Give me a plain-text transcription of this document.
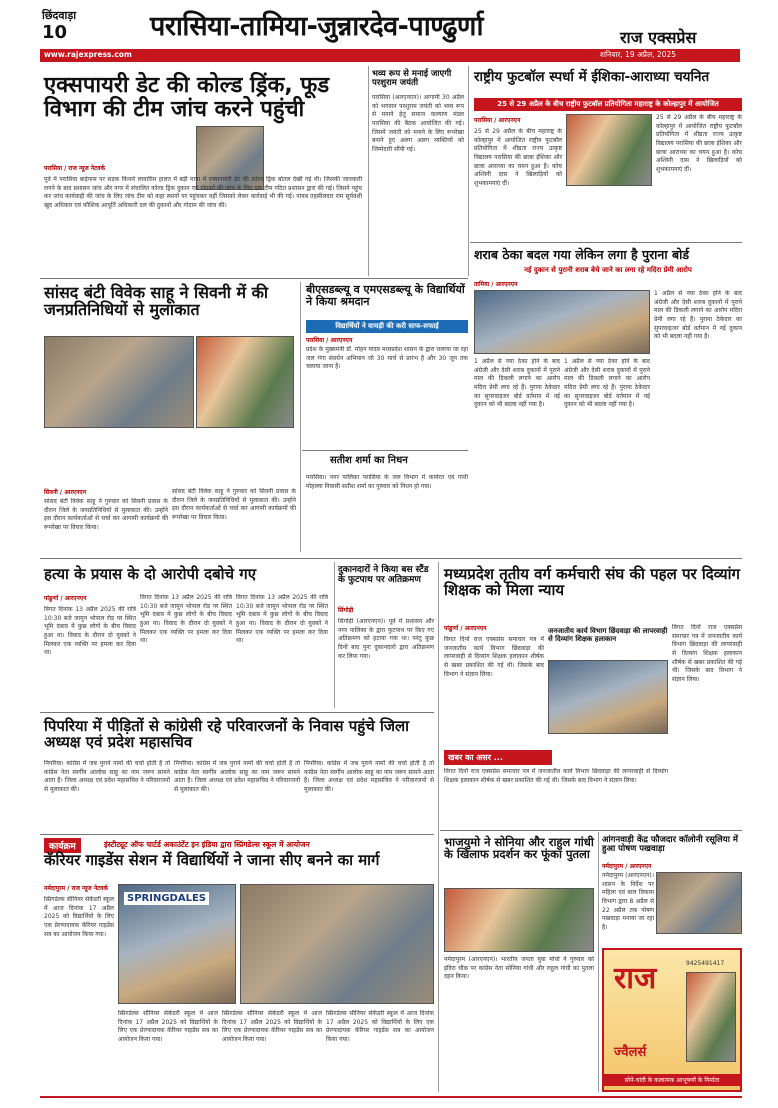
छिंदवाड़ा
10	परासिया-तामिया-जुन्नारदेव-पाण्ढुर्णा	राज एक्सप्रेस
www.rajexpress.com	शनिवार, 19 अप्रैल, 2025
एक्सपायरी डेट की कोल्ड ड्रिंक, फूड विभाग की टीम जांच करने पहुंची
परासिया / राज न्यूज नेटवर्क
पूर्व में परासिया बाईपास पर सड़क किनारे लावारिस हालत में बड़ी मात्रा में एक्सपायरी डेट की कोल्ड ड्रिंक बोतल देखी गई थी। जिसकी जानकारी लगने के बाद प्रशासन जांच और नगर में संचालित कोल्ड ड्रिंक दुकान एवं गोदामों की जांच के लिए एक टीम गठित प्रशासन द्वारा की गई। जिसने पहुंच कर जांच कार्यवाही की जांच के लिए जांच टीम को कहा स्थानों पर पहुंचकर वहीं जिसको लेकर कार्रवाई भी की गई। नायब तहसीलदार राम सूर्यवंशी खुद अधिकार एवं कौशिक आपूर्ति अधिकारी दल की दुकानों और गोदाम की जांच की।
भव्य रूप से मनाई जाएगी परशुराम जयंती
परासिया (आरएनएन)। आगामी 30 अप्रैल को भगवान परशुराम जयंती को भव्य रूप से मनाने हेतु समाज कल्याण मंडल परासिया की बैठक आयोजित की गई। जिसमें जयंती को मनाने के लिए रूपरेखा बनाने हुए अलग अलग व्यक्तियों को जिम्मेदारी सौंपी गई।
राष्ट्रीय फुटबॉल स्पर्धा में ईशिका-आराध्या चयनित
25 से 29 अप्रैल के बीच राष्ट्रीय फुटबॉल प्रतियोगिता महाराष्ट्र के कोल्हापुर में आयोजित
परासिया / आरएनएन
25 से 29 अप्रैल के बीच महाराष्ट्र के कोल्हापुर में आयोजित राष्ट्रीय फुटबॉल प्रतियोगिता में शीघ्रता राज्य उत्कृष्ट विद्यालय परासिया की छात्रा ईशिका और छात्रा आराध्या का चयन हुआ है। कोच अश्विनी दास ने खिलाड़ियों को शुभकामनाएं दीं।
25 से 29 अप्रैल के बीच महाराष्ट्र के कोल्हापुर में आयोजित राष्ट्रीय फुटबॉल प्रतियोगिता में शीघ्रता राज्य उत्कृष्ट विद्यालय परासिया की छात्रा ईशिका और छात्रा आराध्या का चयन हुआ है। कोच अश्विनी दास ने खिलाड़ियों को शुभकामनाएं दीं।
शराब ठेका बदल गया लेकिन लगा है पुराना बोर्ड
नई दुकान से पुरानी शराब बेचे जाने का लगा रहे मदिरा प्रेमी आरोप
तामिया / आरएनएन
1 अप्रैल से नया ठेका होने के बाद अंग्रेजी और देसी शराब दुकानों में पुराने माल की डिकली लगाने का आरोप मदिरा प्रेमी लगा रहे हैं। पुराना ठेकेदार का सुपरवाइजर बोर्ड वर्तमान में नई दुकान को भी बदला नहीं गया है।
1 अप्रैल से नया ठेका होने के बाद अंग्रेजी और देसी शराब दुकानों में पुराने माल की डिकली लगाने का आरोप मदिरा प्रेमी लगा रहे हैं। पुराना ठेकेदार का सुपरवाइजर बोर्ड वर्तमान में नई दुकान को भी बदला नहीं गया है।
1 अप्रैल से नया ठेका होने के बाद अंग्रेजी और देसी शराब दुकानों में पुराने माल की डिकली लगाने का आरोप मदिरा प्रेमी लगा रहे हैं। पुराना ठेकेदार का सुपरवाइजर बोर्ड वर्तमान में नई दुकान को भी बदला नहीं गया है।
सांसद बंटी विवेक साहू ने सिवनी में की जनप्रतिनिधियों से मुलाकात
सिवनी / आरएनएन
सांसद बंटी विवेक साहू ने गुरुवार को सिवनी प्रवास के दौरान जिले के जनप्रतिनिधियों से मुलाकात की। उन्होंने इस दौरान कार्यकर्ताओं से चर्चा कर आगामी कार्यक्रमों की रूपरेखा पर विचार किया।
सांसद बंटी विवेक साहू ने गुरुवार को सिवनी प्रवास के दौरान जिले के जनप्रतिनिधियों से मुलाकात की। उन्होंने इस दौरान कार्यकर्ताओं से चर्चा कर आगामी कार्यक्रमों की रूपरेखा पर विचार किया।
बीएसडब्ल्यू व एमएसडब्ल्यू के विद्यार्थियों ने किया श्रमदान
विद्यार्थियों ने वाचड़ी की करी साफ-सफाई
परासिया / आरएनएन
प्रदेश के मुख्यमंत्री डॉ. मोहन यादव मध्यप्रदेश शासन के द्वारा चलाया जा रहा जल गंगा संवर्धन अभियान जो 30 मार्च से प्रारंभ है और 30 जून तक चलाया जाना है।
सतीश शर्मा का निधन
परासिया। नगर पालिका परासिया के जल विभाग में कार्यरत एवं गांधी मोहल्ला निवासी सतीश शर्मा का गुरुवार को निधन हो गया।
हत्या के प्रयास के दो आरोपी दबोचे गए
पांढुर्णा / आरएनएन
विगत दिनांक 13 अप्रैल 2025 की रात्रि 10:30 बजे जामुन भोपाल रोड पर स्थित भूमि दबाव में कुछ लोगों के बीच विवाद हुआ था। विवाद के दौरान दो युवकों ने मिलकर एक व्यक्ति पर हमला कर दिया था।
विगत दिनांक 13 अप्रैल 2025 की रात्रि 10:30 बजे जामुन भोपाल रोड पर स्थित भूमि दबाव में कुछ लोगों के बीच विवाद हुआ था। विवाद के दौरान दो युवकों ने मिलकर एक व्यक्ति पर हमला कर दिया था।
विगत दिनांक 13 अप्रैल 2025 की रात्रि 10:30 बजे जामुन भोपाल रोड पर स्थित भूमि दबाव में कुछ लोगों के बीच विवाद हुआ था। विवाद के दौरान दो युवकों ने मिलकर एक व्यक्ति पर हमला कर दिया था।
दुकानदारों ने किया बस स्टैंड के फुटपाथ पर अतिक्रमण
सिंगोड़ी
सिंगोड़ी (आरएनएन)। पूर्व में प्रशासन और नगर पालिका के द्वारा फुटपाथ पर किए गए अतिक्रमण को हटाया गया था। परंतु कुछ दिनों बाद पुनः दुकानदारों द्वारा अतिक्रमण कर लिया गया।
मध्यप्रदेश तृतीय वर्ग कर्मचारी संघ की पहल पर दिव्यांग शिक्षक को मिला न्याय
पांढुर्णा / आरएनएन	जनजातीय कार्य विभाग छिंदवाड़ा की लापरवाही से दिव्यांग शिक्षक हलाकान
विगत दिनों राज एक्सप्रेस समाचार पत्र में जनजातीय कार्य विभाग छिंदवाड़ा की लापरवाही से दिव्यांग शिक्षक हलाकान शीर्षक से खबर प्रकाशित की गई थी। जिसके बाद विभाग ने संज्ञान लिया।
विगत दिनों राज एक्सप्रेस समाचार पत्र में जनजातीय कार्य विभाग छिंदवाड़ा की लापरवाही से दिव्यांग शिक्षक हलाकान शीर्षक से खबर प्रकाशित की गई थी। जिसके बाद विभाग ने संज्ञान लिया।
खबर का असर ...
विगत दिनों राज एक्सप्रेस समाचार पत्र में जनजातीय कार्य विभाग छिंदवाड़ा की लापरवाही से दिव्यांग शिक्षक हलाकान शीर्षक से खबर प्रकाशित की गई थी। जिसके बाद विभाग ने संज्ञान लिया।
पिपरिया में पीड़ितों से कांग्रेसी रहे परिवारजनों के निवास पहुंचे जिला अध्यक्ष एवं प्रदेश महासचिव
पिपरिया। कांग्रेस में जब पुराने नामों की चर्चा होती है तो कांग्रेस नेता स्वर्गीय आलोक साहू का नाम जरूर सामने आता है। जिला अध्यक्ष एवं प्रदेश महासचिव ने परिवारजनों से मुलाकात की।
पिपरिया। कांग्रेस में जब पुराने नामों की चर्चा होती है तो कांग्रेस नेता स्वर्गीय आलोक साहू का नाम जरूर सामने आता है। जिला अध्यक्ष एवं प्रदेश महासचिव ने परिवारजनों से मुलाकात की।
पिपरिया। कांग्रेस में जब पुराने नामों की चर्चा होती है तो कांग्रेस नेता स्वर्गीय आलोक साहू का नाम जरूर सामने आता है। जिला अध्यक्ष एवं प्रदेश महासचिव ने परिवारजनों से मुलाकात की।
भाजयुमो ने सोनिया और राहुल गांधी के खिलाफ प्रदर्शन कर फूंका पुतला
नर्मदापुरम (आरएनएन)। भारतीय जनता युवा मोर्चा ने गुरुवार को इंदिरा चौक पर कांग्रेस नेता सोनिया गांधी और राहुल गांधी का पुतला दहन किया।
आंगनवाड़ी केंद्र फौजदार कॉलोनी रसूलिया में हुआ पोषण पखवाड़ा
नर्मदापुरम / आरएनएन
नर्मदापुरम (आरएनएन)। शासन के निर्देश पर महिला एवं बाल विकास विभाग द्वारा 8 अप्रैल से 22 अप्रैल तक पोषण पखवाड़ा मनाया जा रहा है।
राज	9425491417
ज्वैलर्स
सोने-चांदी के कलात्मक आभूषणों के निर्माता
कार्यक्रम	इंस्टीट्यूट ऑफ चार्टर्ड अकाउंटेंट इन इंडिया द्वारा स्प्रिंगडेल्स स्कूल में आयोजन
कॅरियर गाइडेंस सेशन में विद्यार्थियों ने जाना सीए बनने का मार्ग
नर्मदापुरम / राज न्यूज नेटवर्क
स्प्रिंगडेल्स सीनियर सेकेंडरी स्कूल में आज दिनांक 17 अप्रैल 2025 को विद्यार्थियों के लिए एक प्रेरणादायक कॅरियर गाइडेंस सत्र का आयोजन किया गया।
SPRINGDALES
स्प्रिंगडेल्स सीनियर सेकेंडरी स्कूल में आज दिनांक 17 अप्रैल 2025 को विद्यार्थियों के लिए एक प्रेरणादायक कॅरियर गाइडेंस सत्र का आयोजन किया गया।
स्प्रिंगडेल्स सीनियर सेकेंडरी स्कूल में आज दिनांक 17 अप्रैल 2025 को विद्यार्थियों के लिए एक प्रेरणादायक कॅरियर गाइडेंस सत्र का आयोजन किया गया।
स्प्रिंगडेल्स सीनियर सेकेंडरी स्कूल में आज दिनांक 17 अप्रैल 2025 को विद्यार्थियों के लिए एक प्रेरणादायक कॅरियर गाइडेंस सत्र का आयोजन किया गया।
